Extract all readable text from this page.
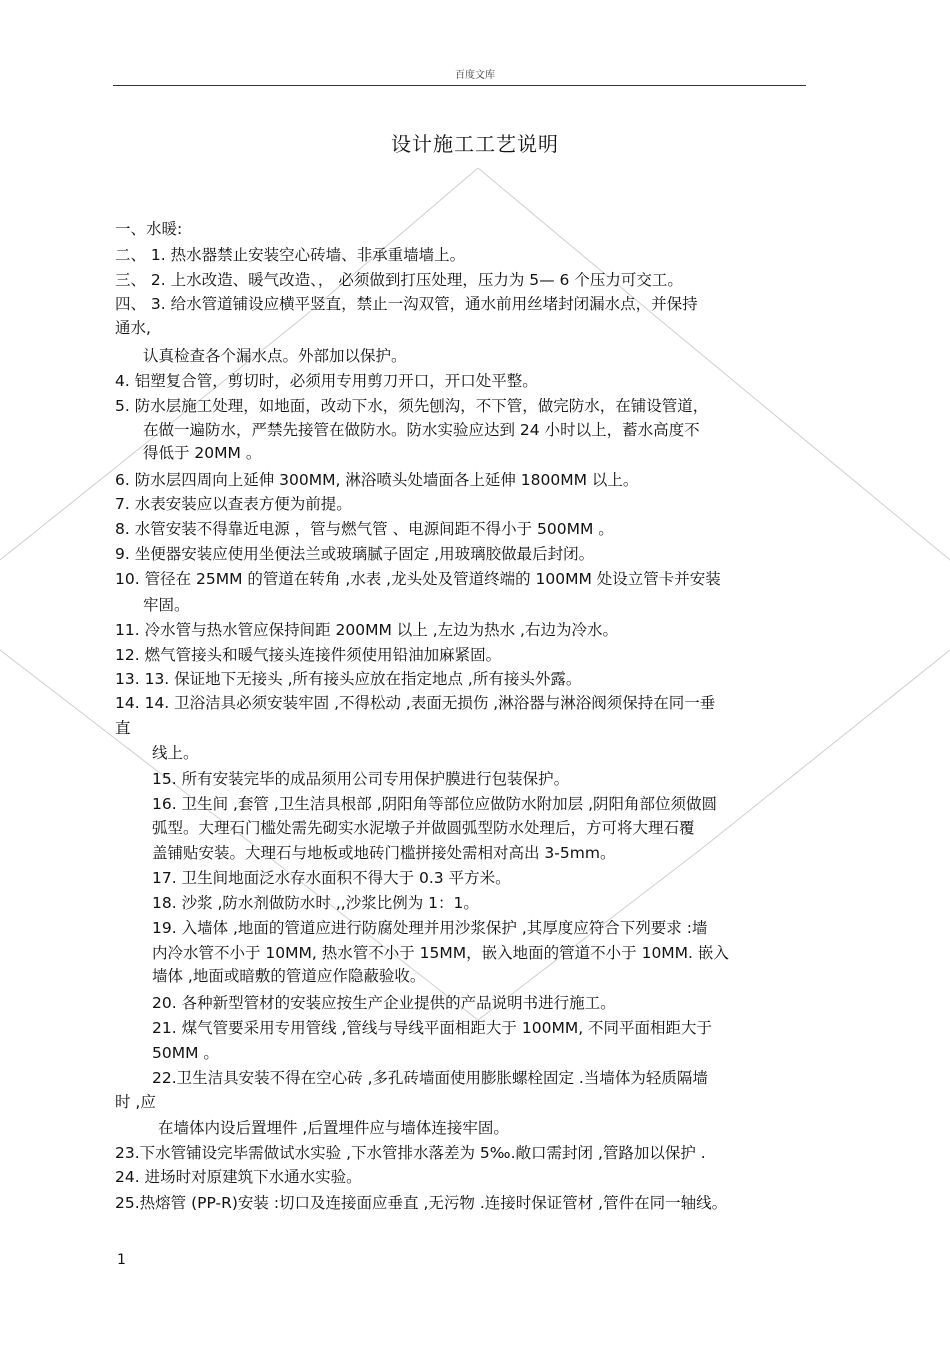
百度文库
设计施工工艺说明
一、水暖:
二、 1. 热水器禁止安装空心砖墙、非承重墙墙上。
三、 2. 上水改造、暖气改造、， 必须做到打压处理，压力为 5— 6 个压力可交工。
四、 3. 给水管道铺设应横平竖直，禁止一沟双管，通水前用丝堵封闭漏水点，并保持
通水,
认真检查各个漏水点。外部加以保护。
4. 铝塑复合管，剪切时，必须用专用剪刀开口，开口处平整。
5. 防水层施工处理，如地面，改动下水，须先刨沟，不下管，做完防水，在铺设管道，
在做一遍防水，严禁先接管在做防水。防水实验应达到 24 小时以上，蓄水高度不
得低于 20MM 。
6. 防水层四周向上延伸 300MM, 淋浴喷头处墙面各上延伸 1800MM 以上。
7. 水表安装应以查表方便为前提。
8. 水管安装不得靠近电源 ，管与燃气管 、电源间距不得小于 500MM 。
9. 坐便器安装应使用坐便法兰或玻璃腻子固定 ,用玻璃胶做最后封闭。
10. 管径在 25MM 的管道在转角 ,水表 ,龙头处及管道终端的 100MM 处设立管卡并安装
牢固。
11. 冷水管与热水管应保持间距 200MM 以上 ,左边为热水 ,右边为冷水。
12. 燃气管接头和暖气接头连接件须使用铅油加麻紧固。
13. 13. 保证地下无接头 ,所有接头应放在指定地点 ,所有接头外露。
14. 14. 卫浴洁具必须安装牢固 ,不得松动 ,表面无损伤 ,淋浴器与淋浴阀须保持在同一垂
直
线上。
15. 所有安装完毕的成品须用公司专用保护膜进行包装保护。
16. 卫生间 ,套管 ,卫生洁具根部 ,阴阳角等部位应做防水附加层 ,阴阳角部位须做圆
弧型。大理石门槛处需先砌实水泥墩子并做圆弧型防水处理后，方可将大理石覆
盖铺贴安装。大理石与地板或地砖门槛拼接处需相对高出 3-5mm。
17. 卫生间地面泛水存水面积不得大于 0.3 平方米。
18. 沙浆 ,防水剂做防水时 ,,沙浆比例为 1：1。
19. 入墙体 ,地面的管道应进行防腐处理并用沙浆保护 ,其厚度应符合下列要求 :墙
内冷水管不小于 10MM, 热水管不小于 15MM，嵌入地面的管道不小于 10MM. 嵌入
墙体 ,地面或暗敷的管道应作隐蔽验收。
20. 各种新型管材的安装应按生产企业提供的产品说明书进行施工。
21. 煤气管要采用专用管线 ,管线与导线平面相距大于 100MM, 不同平面相距大于
50MM 。
22.卫生洁具安装不得在空心砖 ,多孔砖墙面使用膨胀螺栓固定 .当墙体为轻质隔墙
时 ,应
在墙体内设后置埋件 ,后置埋件应与墙体连接牢固。
23.下水管铺设完毕需做试水实验 ,下水管排水落差为 5‰.敞口需封闭 ,管路加以保护 .
24. 进场时对原建筑下水通水实验。
25.热熔管 (PP-R)安装 :切口及连接面应垂直 ,无污物 .连接时保证管材 ,管件在同一轴线。
1
